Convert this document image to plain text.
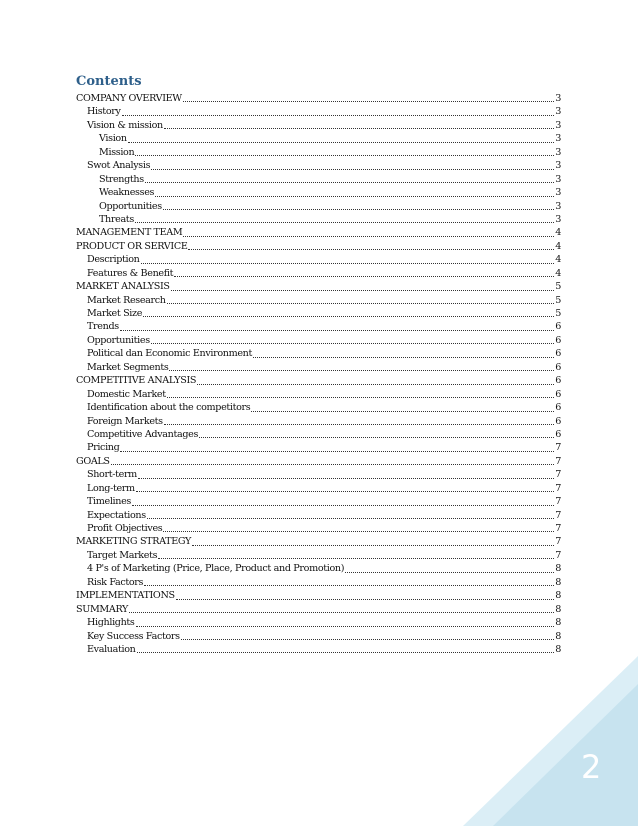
Contents
COMPANY OVERVIEW	3
History	3
Vision & mission	3
Vision	3
Mission	3
Swot Analysis	3
Strengths	3
Weaknesses	3
Opportunities	3
Threats	3
MANAGEMENT TEAM	4
PRODUCT OR SERVICE	4
Description	4
Features & Benefit	4
MARKET ANALYSIS	5
Market Research	5
Market Size	5
Trends	6
Opportunities	6
Political dan Economic Environment	6
Market Segments	6
COMPETITIVE ANALYSIS	6
Domestic Market	6
Identification about the competitors	6
Foreign Markets	6
Competitive Advantages	6
Pricing	7
GOALS	7
Short-term	7
Long-term	7
Timelines	7
Expectations	7
Profit Objectives	7
MARKETING STRATEGY	7
Target Markets	7
4 P's of Marketing (Price, Place, Product and Promotion)	8
Risk Factors	8
IMPLEMENTATIONS	8
SUMMARY	8
Highlights	8
Key Success Factors	8
Evaluation	8
2
